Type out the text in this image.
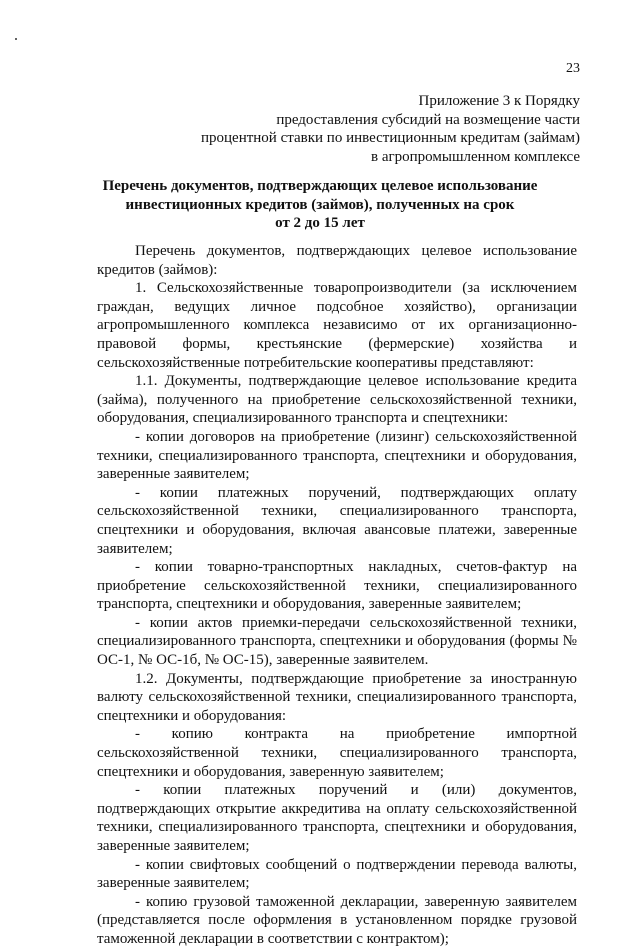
23
Приложение 3 к Порядку
предоставления субсидий на возмещение части
процентной ставки по инвестиционным кредитам (займам)
в агропромышленном комплексе
Перечень документов, подтверждающих целевое использование
инвестиционных кредитов (займов), полученных на срок
от 2 до 15 лет

Перечень документов, подтверждающих целевое использование кредитов (займов):

1. Сельскохозяйственные товаропроизводители (за исключением граждан, ведущих личное подсобное хозяйство), организации агропромышленного комплекса независимо от их организационно-правовой формы, крестьянские (фермерские) хозяйства и сельскохозяйственные потребительские кооперативы представляют:

1.1. Документы, подтверждающие целевое использование кредита (займа), полученного на приобретение сельскохозяйственной техники, оборудования, специализированного транспорта и спецтехники:

- копии договоров на приобретение (лизинг) сельскохозяйственной техники, специализированного транспорта, спецтехники и оборудования, заверенные заявителем;

- копии платежных поручений, подтверждающих оплату сельскохозяйственной техники, специализированного транспорта, спецтехники и оборудования, включая авансовые платежи, заверенные заявителем;

- копии товарно-транспортных накладных, счетов-фактур на приобретение сельскохозяйственной техники, специализированного транспорта, спецтехники и оборудования, заверенные заявителем;

- копии актов приемки-передачи сельскохозяйственной техники, специализированного транспорта, спецтехники и оборудования (формы № ОС-1, № ОС-1б, № ОС-15), заверенные заявителем.

1.2. Документы, подтверждающие приобретение за иностранную валюту сельскохозяйственной техники, специализированного транспорта, спецтехники и оборудования:

- копию контракта на приобретение импортной сельскохозяйственной техники, специализированного транспорта, спецтехники и оборудования, заверенную заявителем;

- копии платежных поручений и (или) документов, подтверждающих открытие аккредитива на оплату сельскохозяйственной техники, специализированного транспорта, спецтехники и оборудования, заверенные заявителем;

- копии свифтовых сообщений о подтверждении перевода валюты, заверенные заявителем;

- копию грузовой таможенной декларации, заверенную заявителем (представляется после оформления в установленном порядке грузовой таможенной декларации в соответствии с контрактом);
